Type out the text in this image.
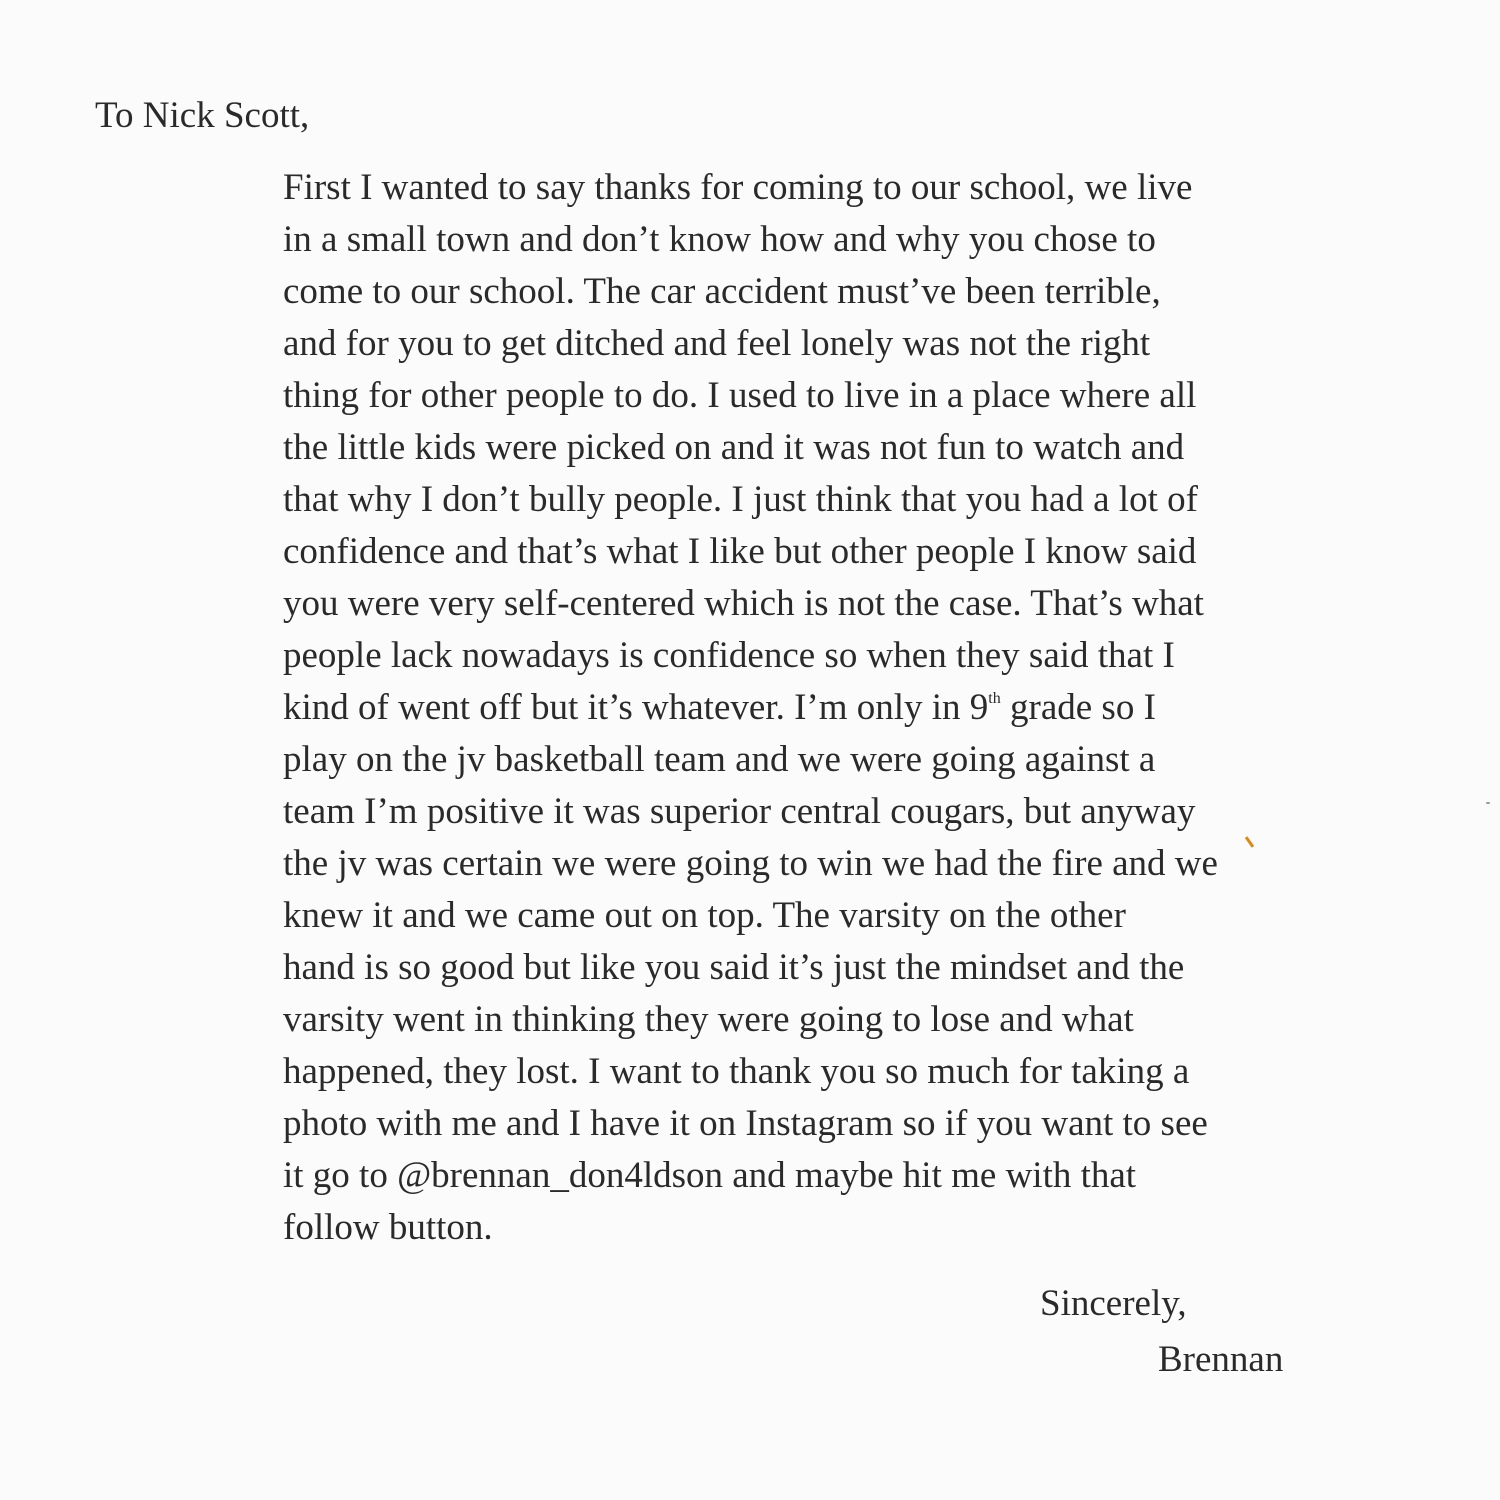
To Nick Scott,
First I wanted to say thanks for coming to our school, we live
in a small town and don’t know how and why you chose to
come to our school. The car accident must’ve been terrible,
and for you to get ditched and feel lonely was not the right
thing for other people to do. I used to live in a place where all
the little kids were picked on and it was not fun to watch and
that why I don’t bully people. I just think that you had a lot of
confidence and that’s what I like but other people I know said
you were very self-centered which is not the case. That’s what
people lack nowadays is confidence so when they said that I
kind of went off but it’s whatever. I’m only in 9th grade so I
play on the jv basketball team and we were going against a
team I’m positive it was superior central cougars, but anyway
the jv was certain we were going to win we had the fire and we
knew it and we came out on top. The varsity on the other
hand is so good but like you said it’s just the mindset and the
varsity went in thinking they were going to lose and what
happened, they lost. I want to thank you so much for taking a
photo with me and I have it on Instagram so if you want to see
it go to @brennan_don4ldson and maybe hit me with that
follow button.
Sincerely,
Brennan
